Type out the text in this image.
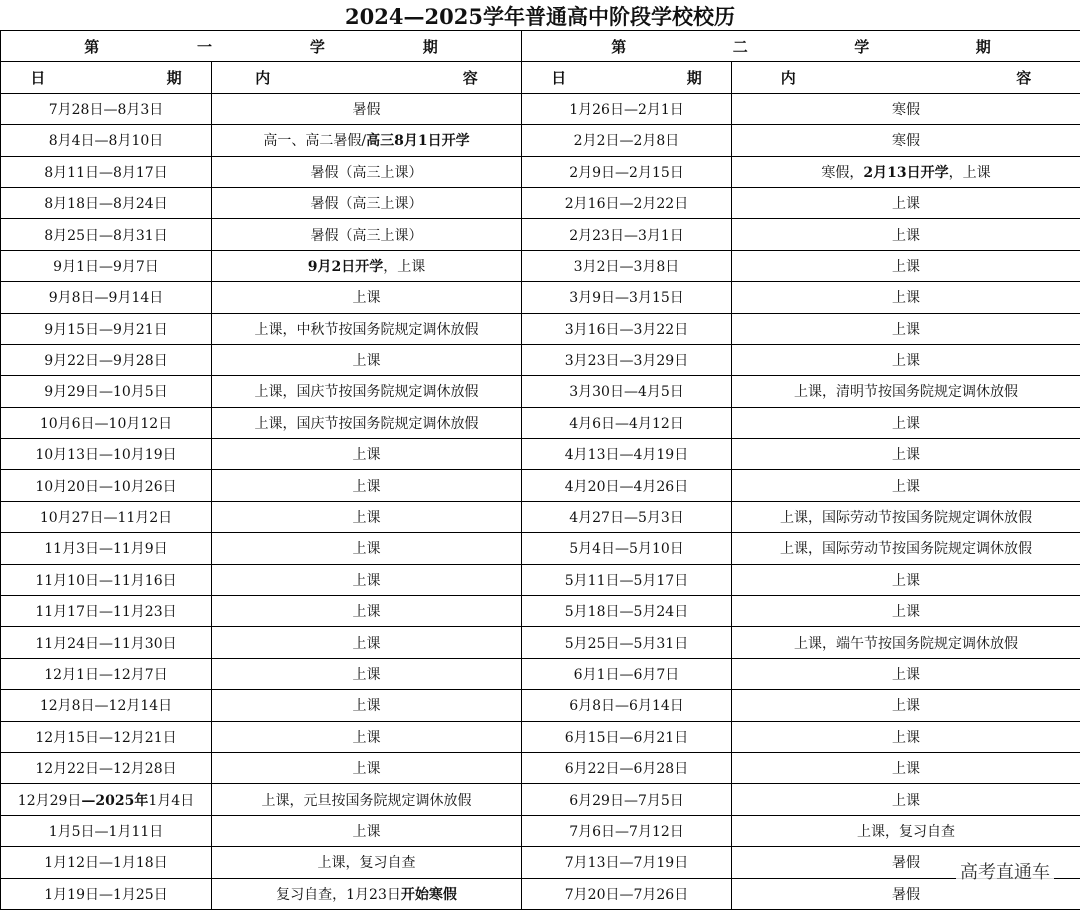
2024—2025学年普通高中阶段学校校历
第 一 学 期		第 二 学 期	

日 期	内 容	日 期	内 容

7月28日—8月3日	暑假	1月26日—2月1日	寒假
8月4日—8月10日	高一、高二暑假/高三8月1日开学	2月2日—2月8日	寒假
8月11日—8月17日	暑假（高三上课）	2月9日—2月15日	寒假，2月13日开学，上课
8月18日—8月24日	暑假（高三上课）	2月16日—2月22日	上课
8月25日—8月31日	暑假（高三上课）	2月23日—3月1日	上课
9月1日—9月7日	9月2日开学，上课	3月2日—3月8日	上课
9月8日—9月14日	上课	3月9日—3月15日	上课
9月15日—9月21日	上课，中秋节按国务院规定调休放假	3月16日—3月22日	上课
9月22日—9月28日	上课	3月23日—3月29日	上课
9月29日—10月5日	上课，国庆节按国务院规定调休放假	3月30日—4月5日	上课，清明节按国务院规定调休放假
10月6日—10月12日	上课，国庆节按国务院规定调休放假	4月6日—4月12日	上课
10月13日—10月19日	上课	4月13日—4月19日	上课
10月20日—10月26日	上课	4月20日—4月26日	上课
10月27日—11月2日	上课	4月27日—5月3日	上课，国际劳动节按国务院规定调休放假
11月3日—11月9日	上课	5月4日—5月10日	上课，国际劳动节按国务院规定调休放假
11月10日—11月16日	上课	5月11日—5月17日	上课
11月17日—11月23日	上课	5月18日—5月24日	上课
11月24日—11月30日	上课	5月25日—5月31日	上课，端午节按国务院规定调休放假
12月1日—12月7日	上课	6月1日—6月7日	上课
12月8日—12月14日	上课	6月8日—6月14日	上课
12月15日—12月21日	上课	6月15日—6月21日	上课
12月22日—12月28日	上课	6月22日—6月28日	上课
12月29日—2025年1月4日	上课，元旦按国务院规定调休放假	6月29日—7月5日	上课
1月5日—1月11日	上课	7月6日—7月12日	上课，复习自查
1月12日—1月18日	上课，复习自查	7月13日—7月19日	暑假
1月19日—1月25日	复习自查，1月23日开始寒假	7月20日—7月26日	暑假
高考直通车
